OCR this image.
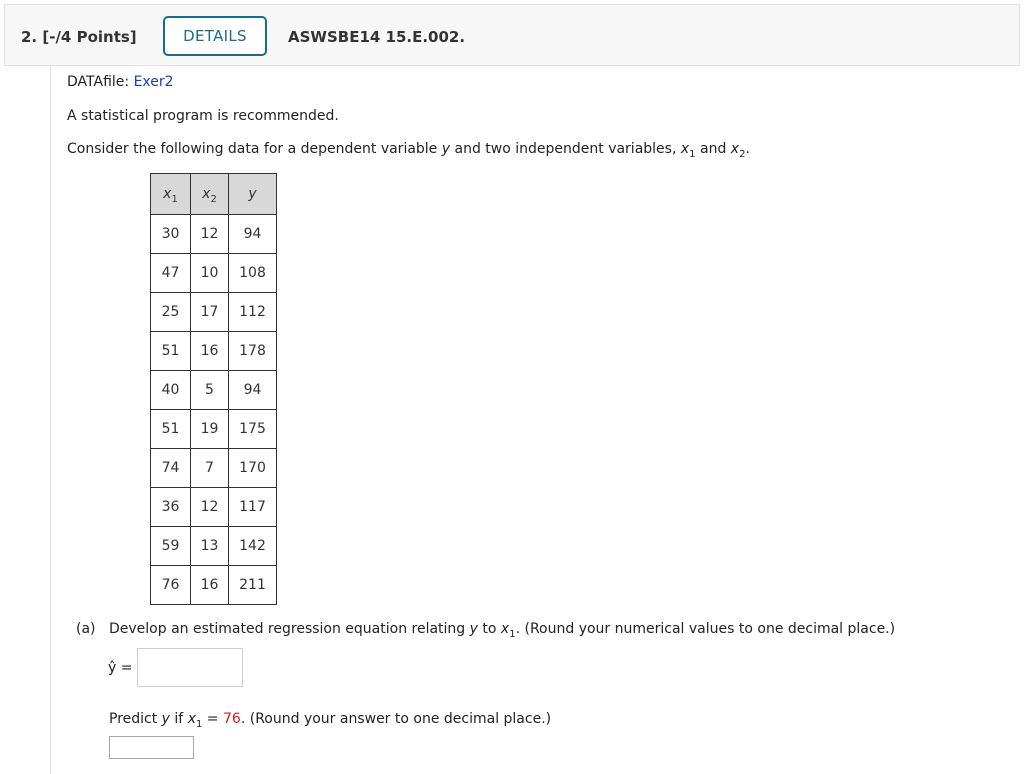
2. [-/4 Points]	DETAILS	ASWSBE14 15.E.002.
DATAfile: Exer2
A statistical program is recommended.
Consider the following data for a dependent variable y and two independent variables, $x_1$ and $x_2$.
$x_1$	$x_2$	y
30	12	94
47	10	108
25	17	112
51	16	178
40	5	94
51	19	175
74	7	170
36	12	117
59	13	142
76	16	211
(a) Develop an estimated regression equation relating y to $x_1$. (Round your numerical values to one decimal place.)
ŷ =
Predict y if $x_1 = 76$. (Round your answer to one decimal place.)
